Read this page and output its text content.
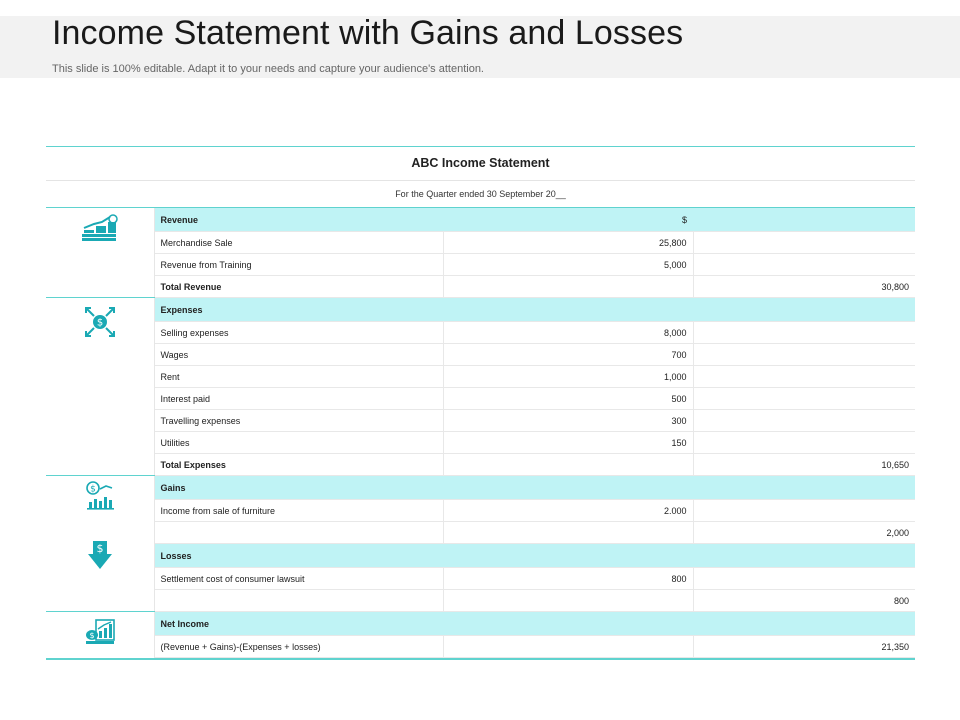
Income Statement with Gains and Losses
This slide is 100% editable. Adapt it to your needs and capture your audience's attention.
ABC Income Statement
For the Quarter ended 30 September 20__
	Revenue	$	
	Merchandise Sale	25,800	
	Revenue from Training	5,000	
	Total Revenue		30,800

$	Expenses		
	Selling expenses	8,000	
	Wages	700	
	Rent	1,000	
	Interest paid	500	
	Travelling expenses	300	
	Utilities	150	
	Total Expenses		10,650

$
$	Gains		
	Income from sale of furniture	2.000	
			2,000
	Losses		
	Settlement cost of consumer lawsuit	800	
			800

$	Net Income		
	(Revenue + Gains)-(Expenses + losses)		21,350
